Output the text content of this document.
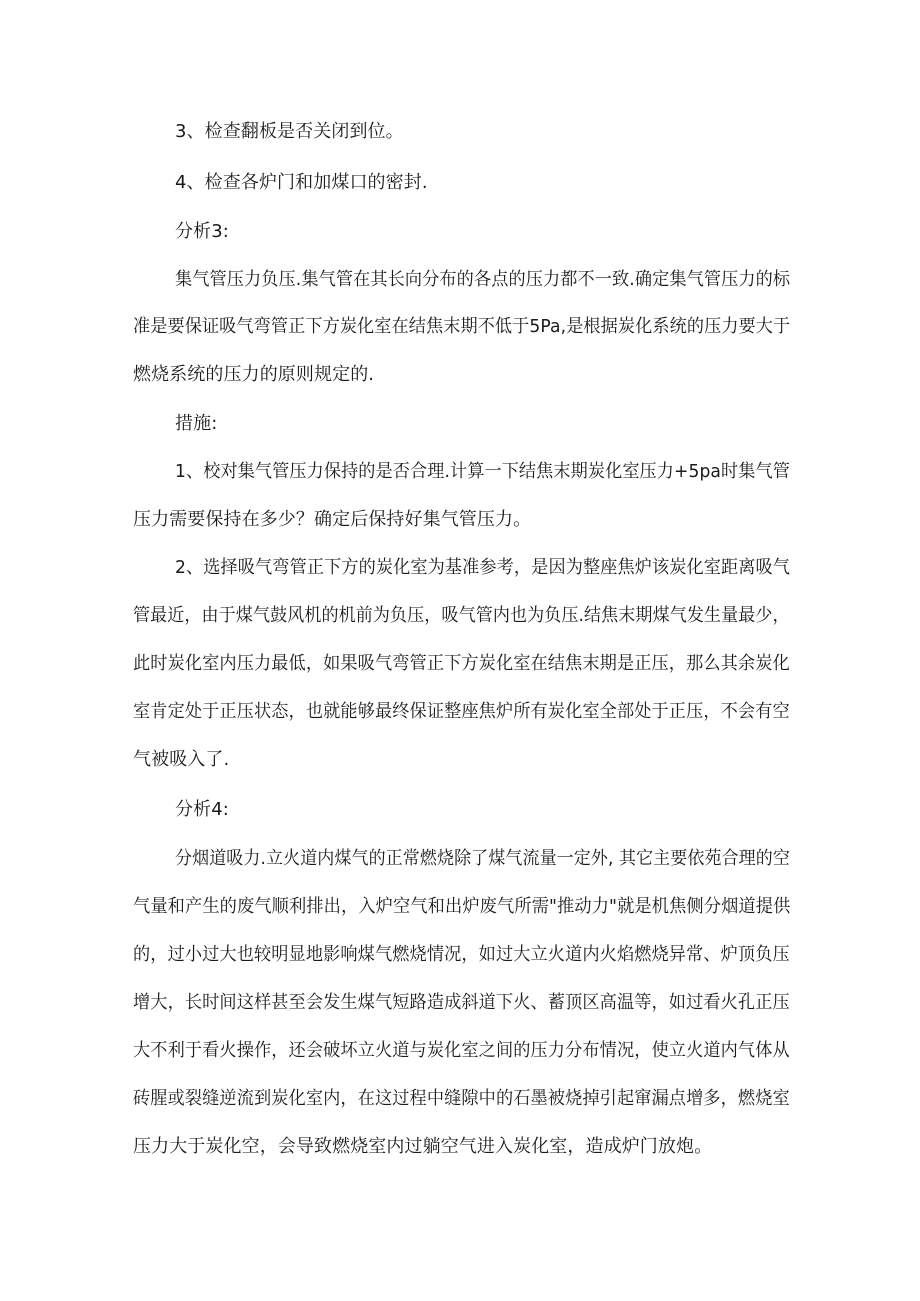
3、检查翻板是否关闭到位。

4、检查各炉门和加煤口的密封.

分析3:

集气管压力负压.集气管在其长向分布的各点的压力都不一致.确定集气管压力的标

准是要保证吸气弯管正下方炭化室在结焦末期不低于5Pa,是根据炭化系统的压力要大于

燃烧系统的压力的原则规定的.

措施:

1、校对集气管压力保持的是否合理.计算一下结焦末期炭化室压力+5pa时集气管

压力需要保持在多少？确定后保持好集气管压力。

2、选择吸气弯管正下方的炭化室为基准参考，是因为整座焦炉该炭化室距离吸气

管最近，由于煤气鼓风机的机前为负压，吸气管内也为负压.结焦末期煤气发生量最少，

此时炭化室内压力最低，如果吸气弯管正下方炭化室在结焦末期是正压，那么其余炭化

室肯定处于正压状态，也就能够最终保证整座焦炉所有炭化室全部处于正压，不会有空

气被吸入了.

分析4:

分烟道吸力.立火道内煤气的正常燃烧除了煤气流量一定外, 其它主要依苑合理的空

气量和产生的废气顺利排出，入炉空气和出炉废气所需"推动力"就是机焦侧分烟道提供

的，过小过大也较明显地影响煤气燃烧情况，如过大立火道内火焰燃烧异常、炉顶负压

增大，长时间这样甚至会发生煤气短路造成斜道下火、蓄顶区高温等，如过看火孔正压

大不利于看火操作，还会破坏立火道与炭化室之间的压力分布情况，使立火道内气体从

砖腥或裂缝逆流到炭化室内，在这过程中缝隙中的石墨被烧掉引起窜漏点增多，燃烧室

压力大于炭化空，会导致燃烧室内过躺空气进入炭化室，造成炉门放炮。
